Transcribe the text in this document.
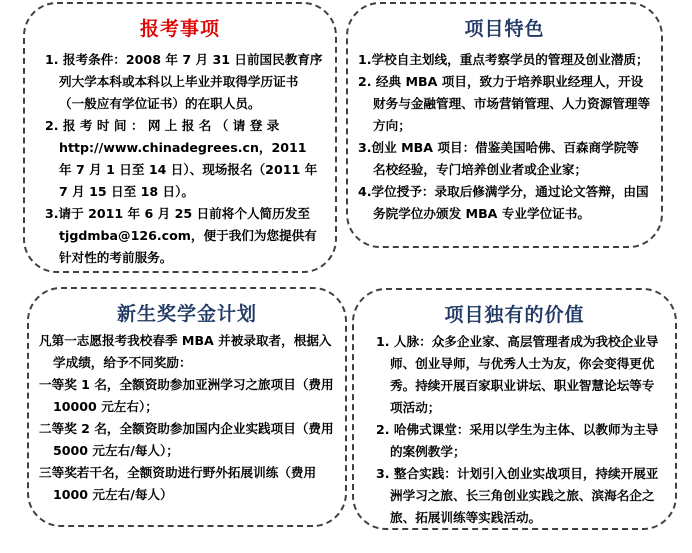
报考事项
1. 报考条件：2008 年 7 月 31 日前国民教育序列大学本科或本科以上毕业并取得学历证书（一般应有学位证书）的在职人员。
2. 报 考 时 间 ： 网 上 报 名 （ 请 登 录 http://www.chinadegrees.cn，2011 年 7 月 1 日至 14 日）、现场报名（2011 年 7 月 15 日至 18 日）。
3.请于 2011 年 6 月 25 日前将个人简历发至 tjgdmba@126.com，便于我们为您提供有针对性的考前服务。
项目特色
1.学校自主划线，重点考察学员的管理及创业潜质；
2. 经典 MBA 项目，致力于培养职业经理人，开设财务与金融管理、市场营销管理、人力资源管理等方向；
3.创业 MBA 项目：借鉴美国哈佛、百森商学院等名校经验，专门培养创业者或企业家；
4.学位授予：录取后修满学分，通过论文答辩，由国务院学位办颁发 MBA 专业学位证书。
新生奖学金计划
凡第一志愿报考我校春季 MBA 并被录取者，根据入学成绩，给予不同奖励：
一等奖 1 名，全额资助参加亚洲学习之旅项目（费用 10000 元左右）；
二等奖 2 名，全额资助参加国内企业实践项目（费用 5000 元左右/每人）；
三等奖若干名，全额资助进行野外拓展训练（费用 1000 元左右/每人）
项目独有的价值
1. 人脉：众多企业家、高层管理者成为我校企业导师、创业导师，与优秀人士为友，你会变得更优秀。持续开展百家职业讲坛、职业智慧论坛等专项活动；
2. 哈佛式课堂：采用以学生为主体、以教师为主导的案例教学；
3. 整合实践：计划引入创业实战项目，持续开展亚洲学习之旅、长三角创业实践之旅、滨海名企之旅、拓展训练等实践活动。
